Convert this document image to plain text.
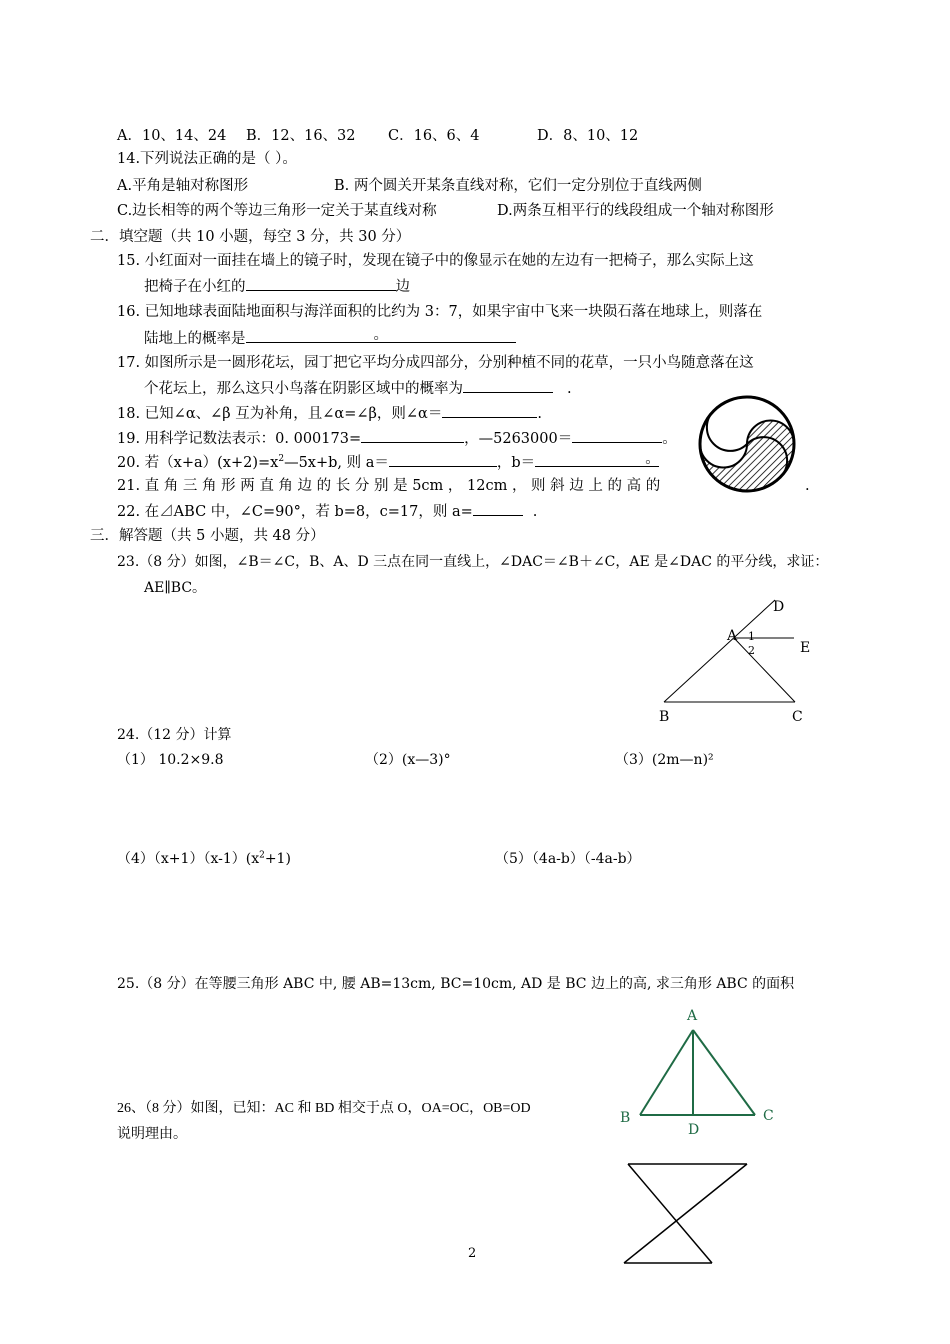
A．10、14、24 B．12、16、32 C．16、6、4	D．8、10、12
14.下列说法正确的是（ ）。
A.平角是轴对称图形	B. 两个圆关开某条直线对称，它们一定分别位于直线两侧
C.边长相等的两个等边三角形一定关于某直线对称	D.两条互相平行的线段组成一个轴对称图形
二．填空题（共 10 小题，每空 3 分，共 30 分）
15. 小红面对一面挂在墙上的镜子时，发现在镜子中的像显示在她的左边有一把椅子，那么实际上这
把椅子在小红的	边
16. 已知地球表面陆地面积与海洋面积的比约为 3：7，如果宇宙中飞来一块陨石落在地球上，则落在
陆地上的概率是	。
17. 如图所示是一圆形花坛，园丁把它平均分成四部分，分别种植不同的花草，一只小鸟随意落在这
个花坛上，那么这只小鸟落在阴影区域中的概率为	.
18. 已知∠α、∠β 互为补角，且∠α=∠β，则∠α＝	.
19. 用科学记数法表示：0. 000173=	，—5263000＝	。
20. 若$(x+a)(x+2)=x^2—5x+b$, 则 a＝	，b＝	。
21. 直 角 三 角 形 两 直 角 边 的 长 分 别 是 5cm ， 12cm ， 则 斜 边 上 的 高 的	.
22. 在⊿ABC 中，∠C=90°，若 b=8，c=17，则 a=	.
三．解答题（共 5 小题，共 48 分）
23.（8 分）如图，∠B＝∠C，B、A、D 三点在同一直线上，∠DAC＝∠B＋∠C，AE 是∠DAC 的平分线，求证：
AE∥BC。
D
A
E
B	C
1
2
24.（12 分）计算
（1） 10.2×9.8	（2）(x—3)°	（3）(2m—n)²
$(4)(x+1)(x-1)(x^2+1)$	（5）（4a-b）（-4a-b）
25.（8 分）在等腰三角形 ABC 中, 腰 AB=13cm, BC=10cm, AD 是 BC 边上的高, 求三角形 ABC 的面积
A
B	C
D
26、（8 分）如图，已知：AC 和 BD 相交于点 O，OA=OC，OB=OD
说明理由。
2
